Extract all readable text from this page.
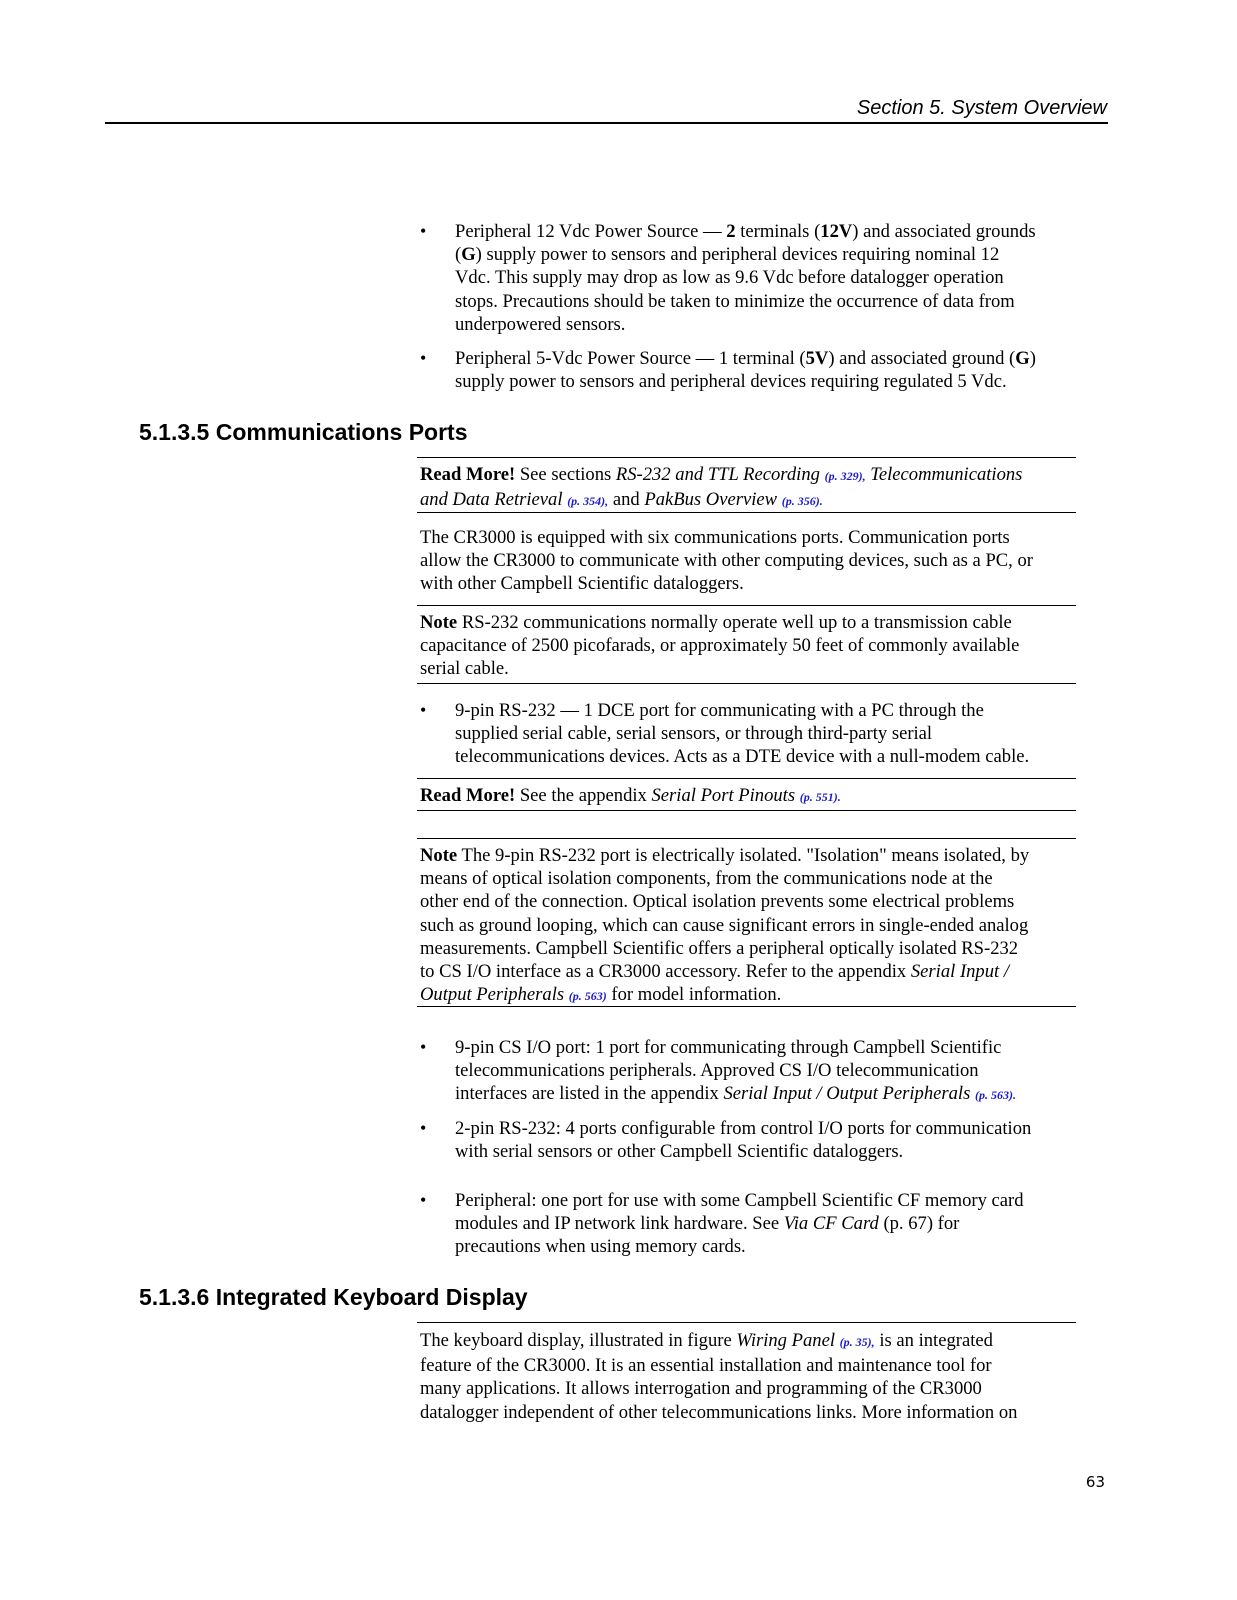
Section 5. System Overview
• Peripheral 12 Vdc Power Source — 2 terminals (12V) and associated grounds
(G) supply power to sensors and peripheral devices requiring nominal 12
Vdc. This supply may drop as low as 9.6 Vdc before datalogger operation
stops. Precautions should be taken to minimize the occurrence of data from
underpowered sensors.
• Peripheral 5-Vdc Power Source — 1 terminal (5V) and associated ground (G)
supply power to sensors and peripheral devices requiring regulated 5 Vdc.
5.1.3.5 Communications Ports
Read More! See sections RS-232 and TTL Recording (p. 329), Telecommunications
and Data Retrieval (p. 354), and PakBus Overview (p. 356).
The CR3000 is equipped with six communications ports. Communication ports
allow the CR3000 to communicate with other computing devices, such as a PC, or
with other Campbell Scientific dataloggers.
Note RS-232 communications normally operate well up to a transmission cable
capacitance of 2500 picofarads, or approximately 50 feet of commonly available
serial cable.
• 9-pin RS-232 — 1 DCE port for communicating with a PC through the
supplied serial cable, serial sensors, or through third-party serial
telecommunications devices. Acts as a DTE device with a null-modem cable.
Read More! See the appendix Serial Port Pinouts (p. 551).
Note The 9-pin RS-232 port is electrically isolated. "Isolation" means isolated, by
means of optical isolation components, from the communications node at the
other end of the connection. Optical isolation prevents some electrical problems
such as ground looping, which can cause significant errors in single-ended analog
measurements. Campbell Scientific offers a peripheral optically isolated RS-232
to CS I/O interface as a CR3000 accessory. Refer to the appendix Serial Input /
Output Peripherals (p. 563) for model information.
• 9-pin CS I/O port: 1 port for communicating through Campbell Scientific
telecommunications peripherals. Approved CS I/O telecommunication
interfaces are listed in the appendix Serial Input / Output Peripherals (p. 563).
• 2-pin RS-232: 4 ports configurable from control I/O ports for communication
with serial sensors or other Campbell Scientific dataloggers.
• Peripheral: one port for use with some Campbell Scientific CF memory card
modules and IP network link hardware. See Via CF Card (p. 67) for
precautions when using memory cards.
5.1.3.6 Integrated Keyboard Display
The keyboard display, illustrated in figure Wiring Panel (p. 35), is an integrated
feature of the CR3000. It is an essential installation and maintenance tool for
many applications. It allows interrogation and programming of the CR3000
datalogger independent of other telecommunications links. More information on
63
